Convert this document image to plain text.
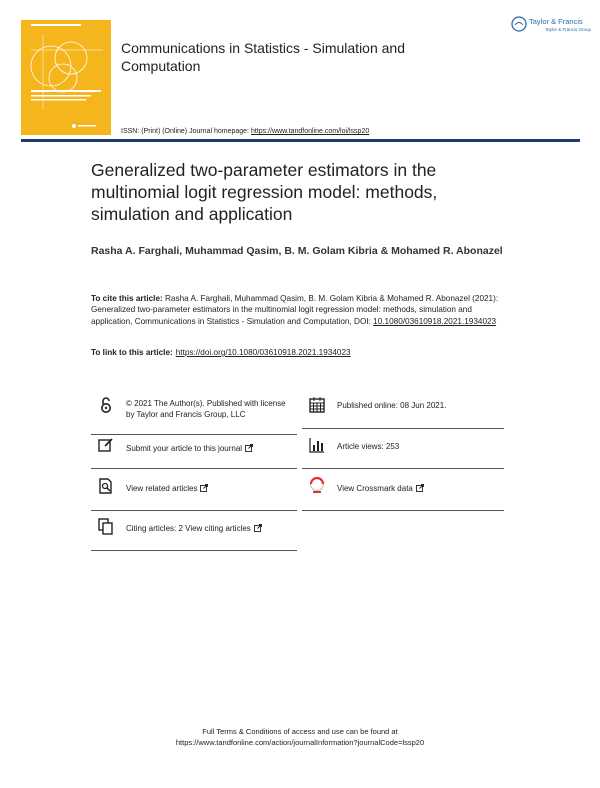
Communications in Statistics - Simulation and Computation
Taylor & Francis
Taylor & Francis Group
ISSN: (Print) (Online) Journal homepage: https://www.tandfonline.com/loi/lssp20
Generalized two-parameter estimators in the multinomial logit regression model: methods, simulation and application
Rasha A. Farghali, Muhammad Qasim, B. M. Golam Kibria & Mohamed R. Abonazel
To cite this article: Rasha A. Farghali, Muhammad Qasim, B. M. Golam Kibria & Mohamed R. Abonazel (2021): Generalized two-parameter estimators in the multinomial logit regression model: methods, simulation and application, Communications in Statistics - Simulation and Computation, DOI: 10.1080/03610918.2021.1934023
To link to this article: https://doi.org/10.1080/03610918.2021.1934023
© 2021 The Author(s). Published with license by Taylor and Francis Group, LLC
Submit your article to this journal
View related articles
Citing articles: 2 View citing articles
Published online: 08 Jun 2021.
Article views: 253
View Crossmark data
Full Terms & Conditions of access and use can be found at
https://www.tandfonline.com/action/journalInformation?journalCode=lssp20
